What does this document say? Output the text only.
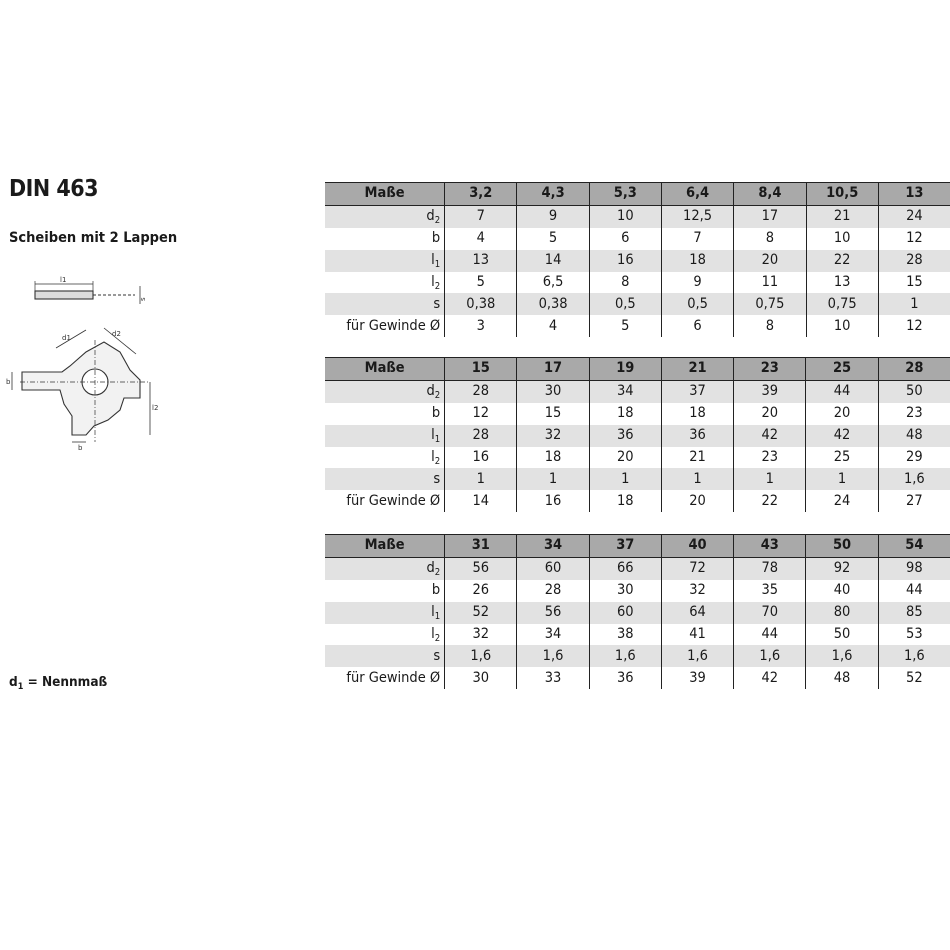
DIN 463
Scheiben mit 2 Lappen
l1
s
d1	d2
b
b
l2
$d_1$ = Nennmaß
Maße	3,2	4,3	5,3	6,4	8,4	10,5	13
$d_2$	7	9	10	12,5	17	21	24
b	4	5	6	7	8	10	12
$l_1$	13	14	16	18	20	22	28
$l_2$	5	6,5	8	9	11	13	15
s	0,38	0,38	0,5	0,5	0,75	0,75	1
für Gewinde Ø	3	4	5	6	8	10	12
Maße	15	17	19	21	23	25	28
$d_2$	28	30	34	37	39	44	50
b	12	15	18	18	20	20	23
$l_1$	28	32	36	36	42	42	48
$l_2$	16	18	20	21	23	25	29
s	1	1	1	1	1	1	1,6
für Gewinde Ø	14	16	18	20	22	24	27
Maße	31	34	37	40	43	50	54
$d_2$	56	60	66	72	78	92	98
b	26	28	30	32	35	40	44
$l_1$	52	56	60	64	70	80	85
$l_2$	32	34	38	41	44	50	53
s	1,6	1,6	1,6	1,6	1,6	1,6	1,6
für Gewinde Ø	30	33	36	39	42	48	52
